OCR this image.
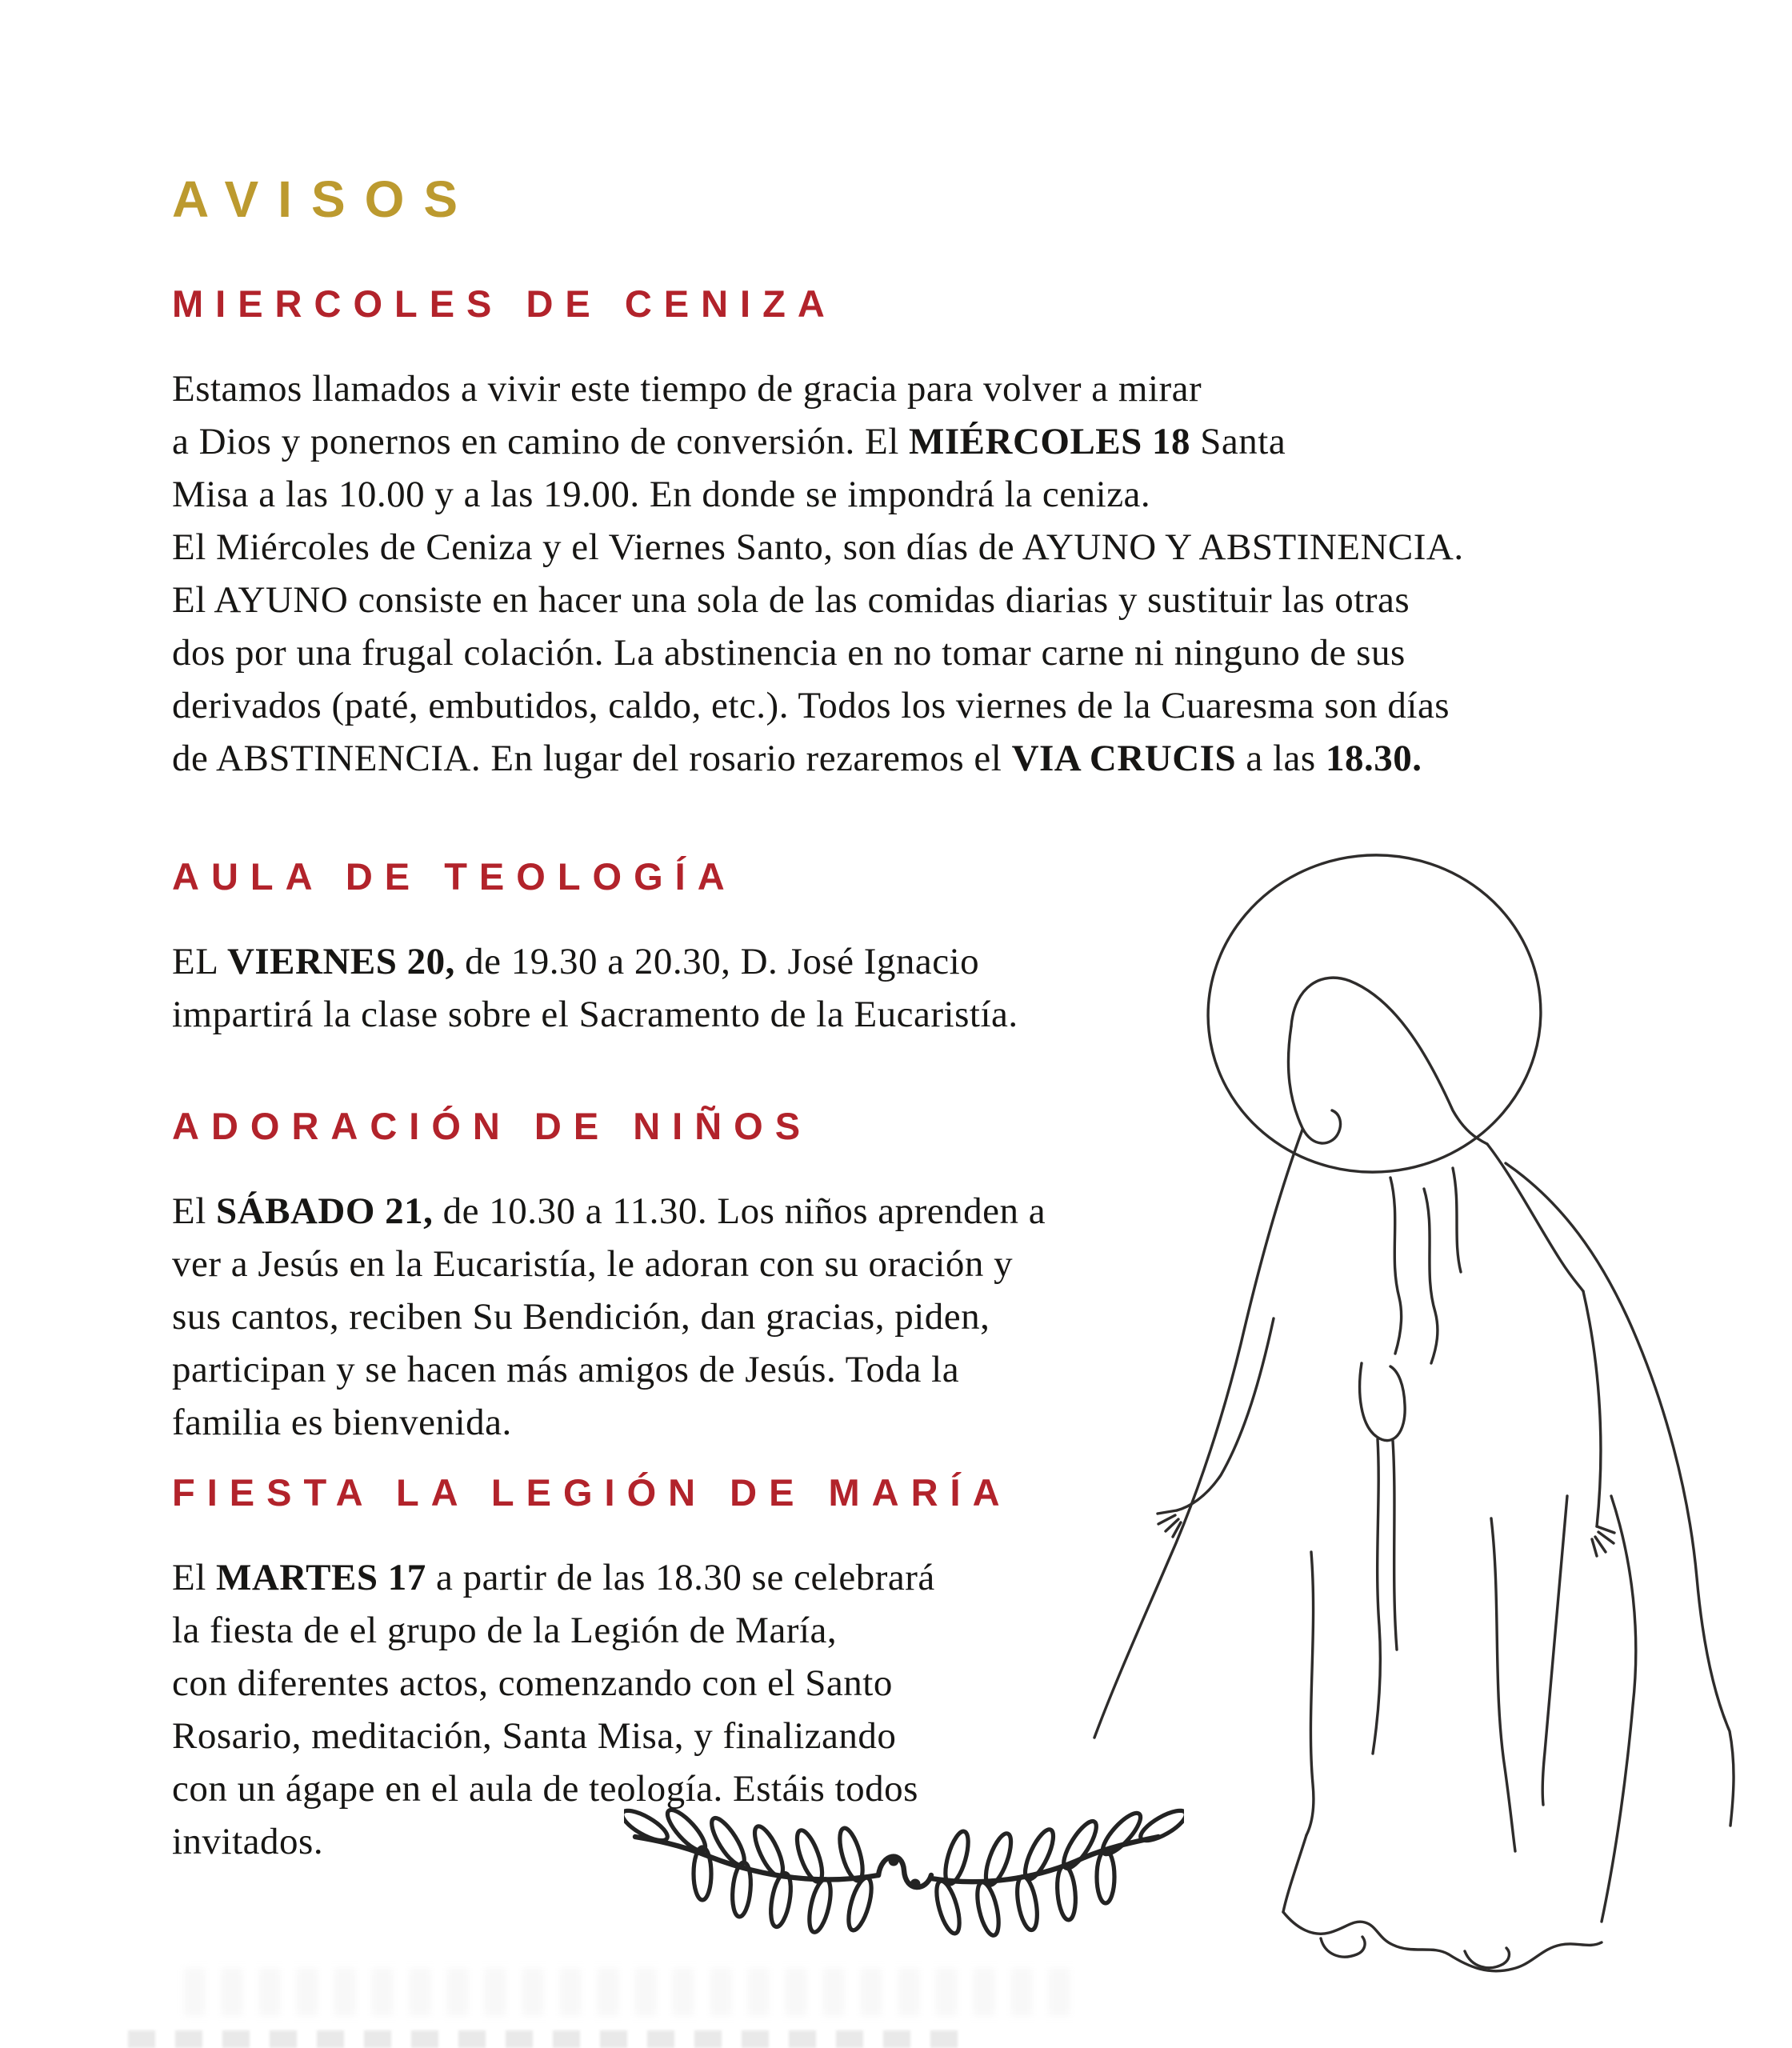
AVISOS
MIERCOLES DE CENIZA
Estamos llamados a vivir este tiempo de gracia para volver a mirar
a Dios y ponernos en camino de conversión. El MIÉRCOLES 18 Santa
Misa a las 10.00 y a las 19.00. En donde se impondrá la ceniza.
El Miércoles de Ceniza y el Viernes Santo, son días de AYUNO Y ABSTINENCIA.
El AYUNO consiste en hacer una sola de las comidas diarias y sustituir las otras
dos por una frugal colación. La abstinencia en no tomar carne ni ninguno de sus
derivados (paté, embutidos, caldo, etc.). Todos los viernes de la Cuaresma son días
de ABSTINENCIA. En lugar del rosario rezaremos el VIA CRUCIS a las 18.30.
AULA DE TEOLOGÍA
EL VIERNES 20, de 19.30 a 20.30, D. José Ignacio
impartirá la clase sobre el Sacramento de la Eucaristía.
ADORACIÓN DE NIÑOS
El SÁBADO 21, de 10.30 a 11.30. Los niños aprenden a
ver a Jesús en la Eucaristía, le adoran con su oración y
sus cantos, reciben Su Bendición, dan gracias, piden,
participan y se hacen más amigos de Jesús. Toda la
familia es bienvenida.
FIESTA LA LEGIÓN DE MARÍA
El MARTES 17 a partir de las 18.30 se celebrará
la fiesta de el grupo de la Legión de María,
con diferentes actos, comenzando con el Santo
Rosario, meditación, Santa Misa, y finalizando
con un ágape en el aula de teología. Estáis todos
invitados.
